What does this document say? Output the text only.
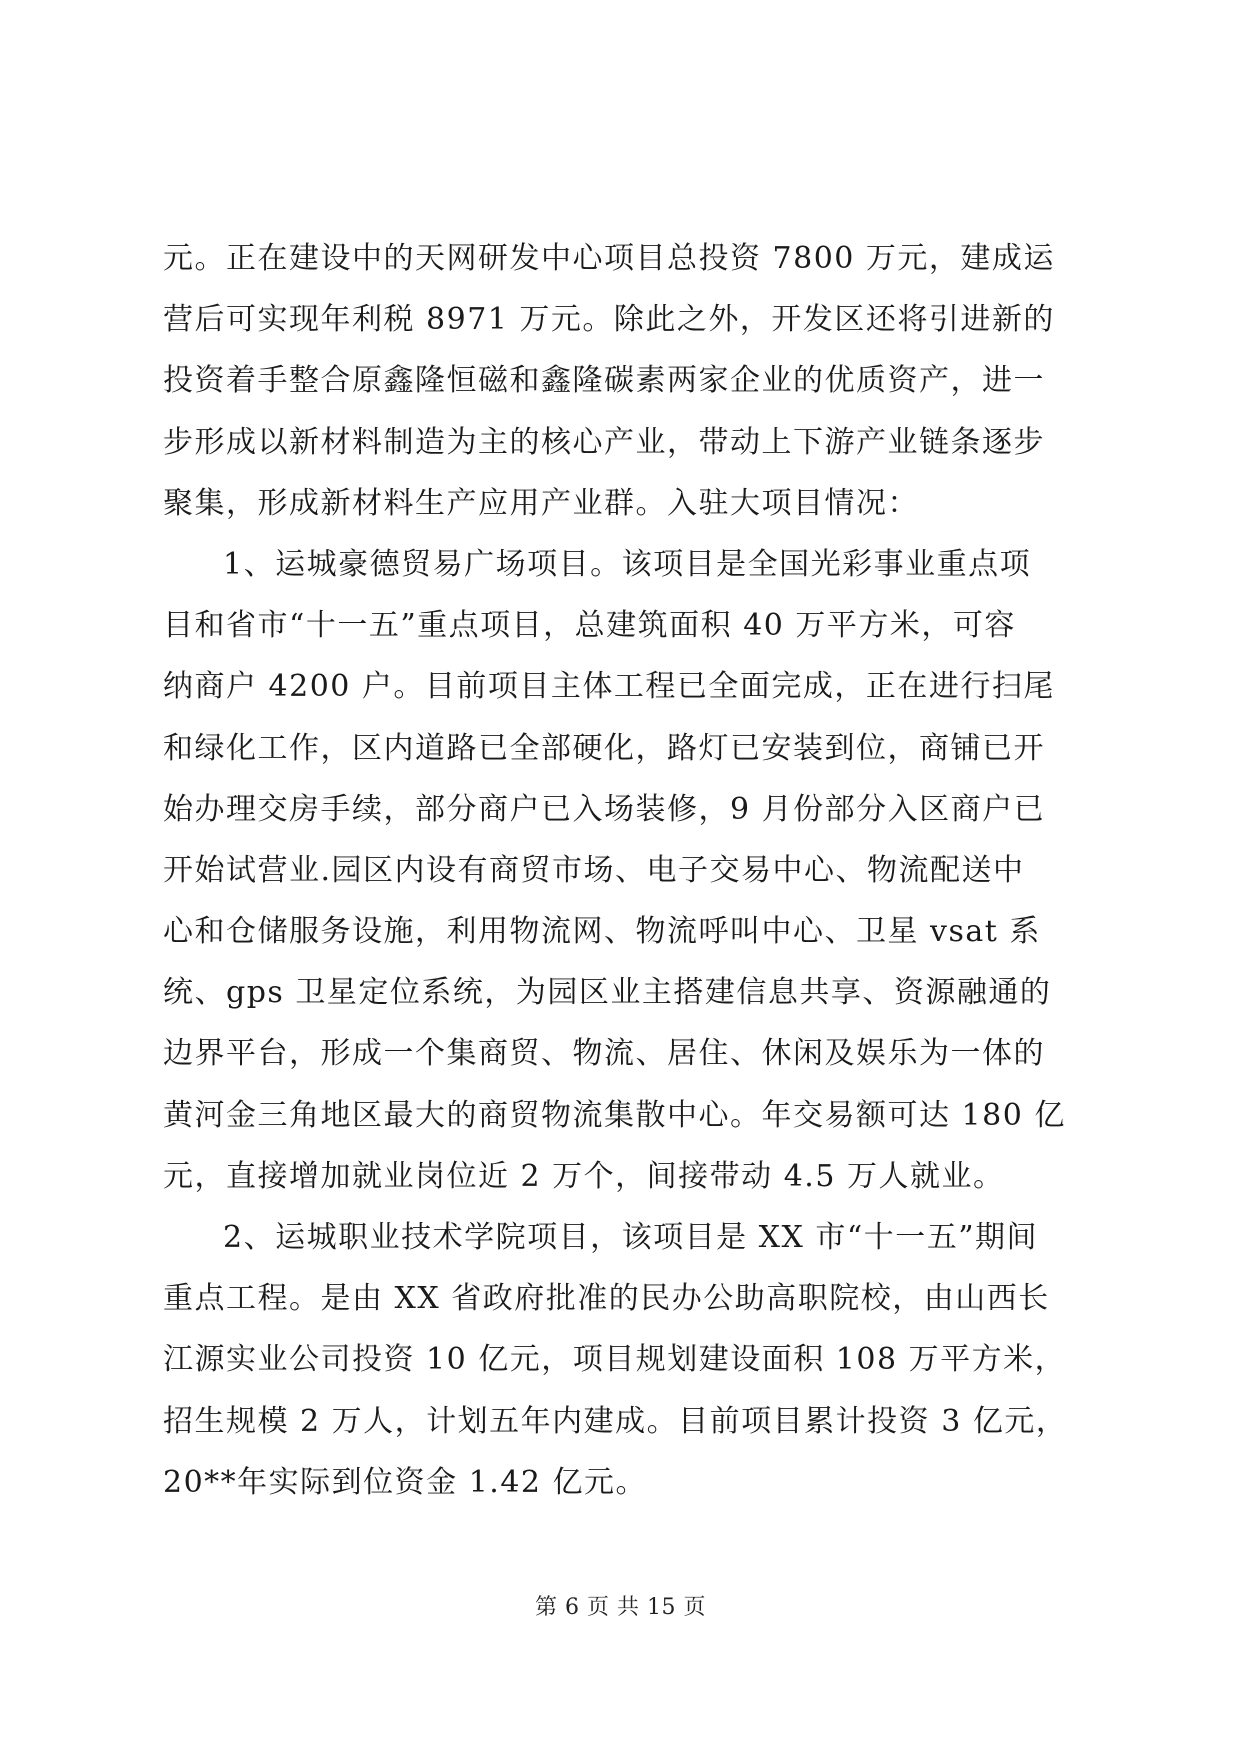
元。正在建设中的天网研发中心项目总投资 7800 万元，建成运
营后可实现年利税 8971 万元。除此之外，开发区还将引进新的
投资着手整合原鑫隆恒磁和鑫隆碳素两家企业的优质资产，进一
步形成以新材料制造为主的核心产业，带动上下游产业链条逐步
聚集，形成新材料生产应用产业群。入驻大项目情况：
1、运城豪德贸易广场项目。该项目是全国光彩事业重点项
目和省市“十一五”重点项目，总建筑面积 40 万平方米，可容
纳商户 4200 户。目前项目主体工程已全面完成，正在进行扫尾
和绿化工作，区内道路已全部硬化，路灯已安装到位，商铺已开
始办理交房手续，部分商户已入场装修，9 月份部分入区商户已
开始试营业.园区内设有商贸市场、电子交易中心、物流配送中
心和仓储服务设施，利用物流网、物流呼叫中心、卫星 vsat 系
统、gps 卫星定位系统，为园区业主搭建信息共享、资源融通的
边界平台，形成一个集商贸、物流、居住、休闲及娱乐为一体的
黄河金三角地区最大的商贸物流集散中心。年交易额可达 180 亿
元，直接增加就业岗位近 2 万个，间接带动 4.5 万人就业。
2、运城职业技术学院项目，该项目是 XX 市“十一五”期间
重点工程。是由 XX 省政府批准的民办公助高职院校，由山西长
江源实业公司投资 10 亿元，项目规划建设面积 108 万平方米，
招生规模 2 万人，计划五年内建成。目前项目累计投资 3 亿元，
20**年实际到位资金 1.42 亿元。
第 6 页 共 15 页
